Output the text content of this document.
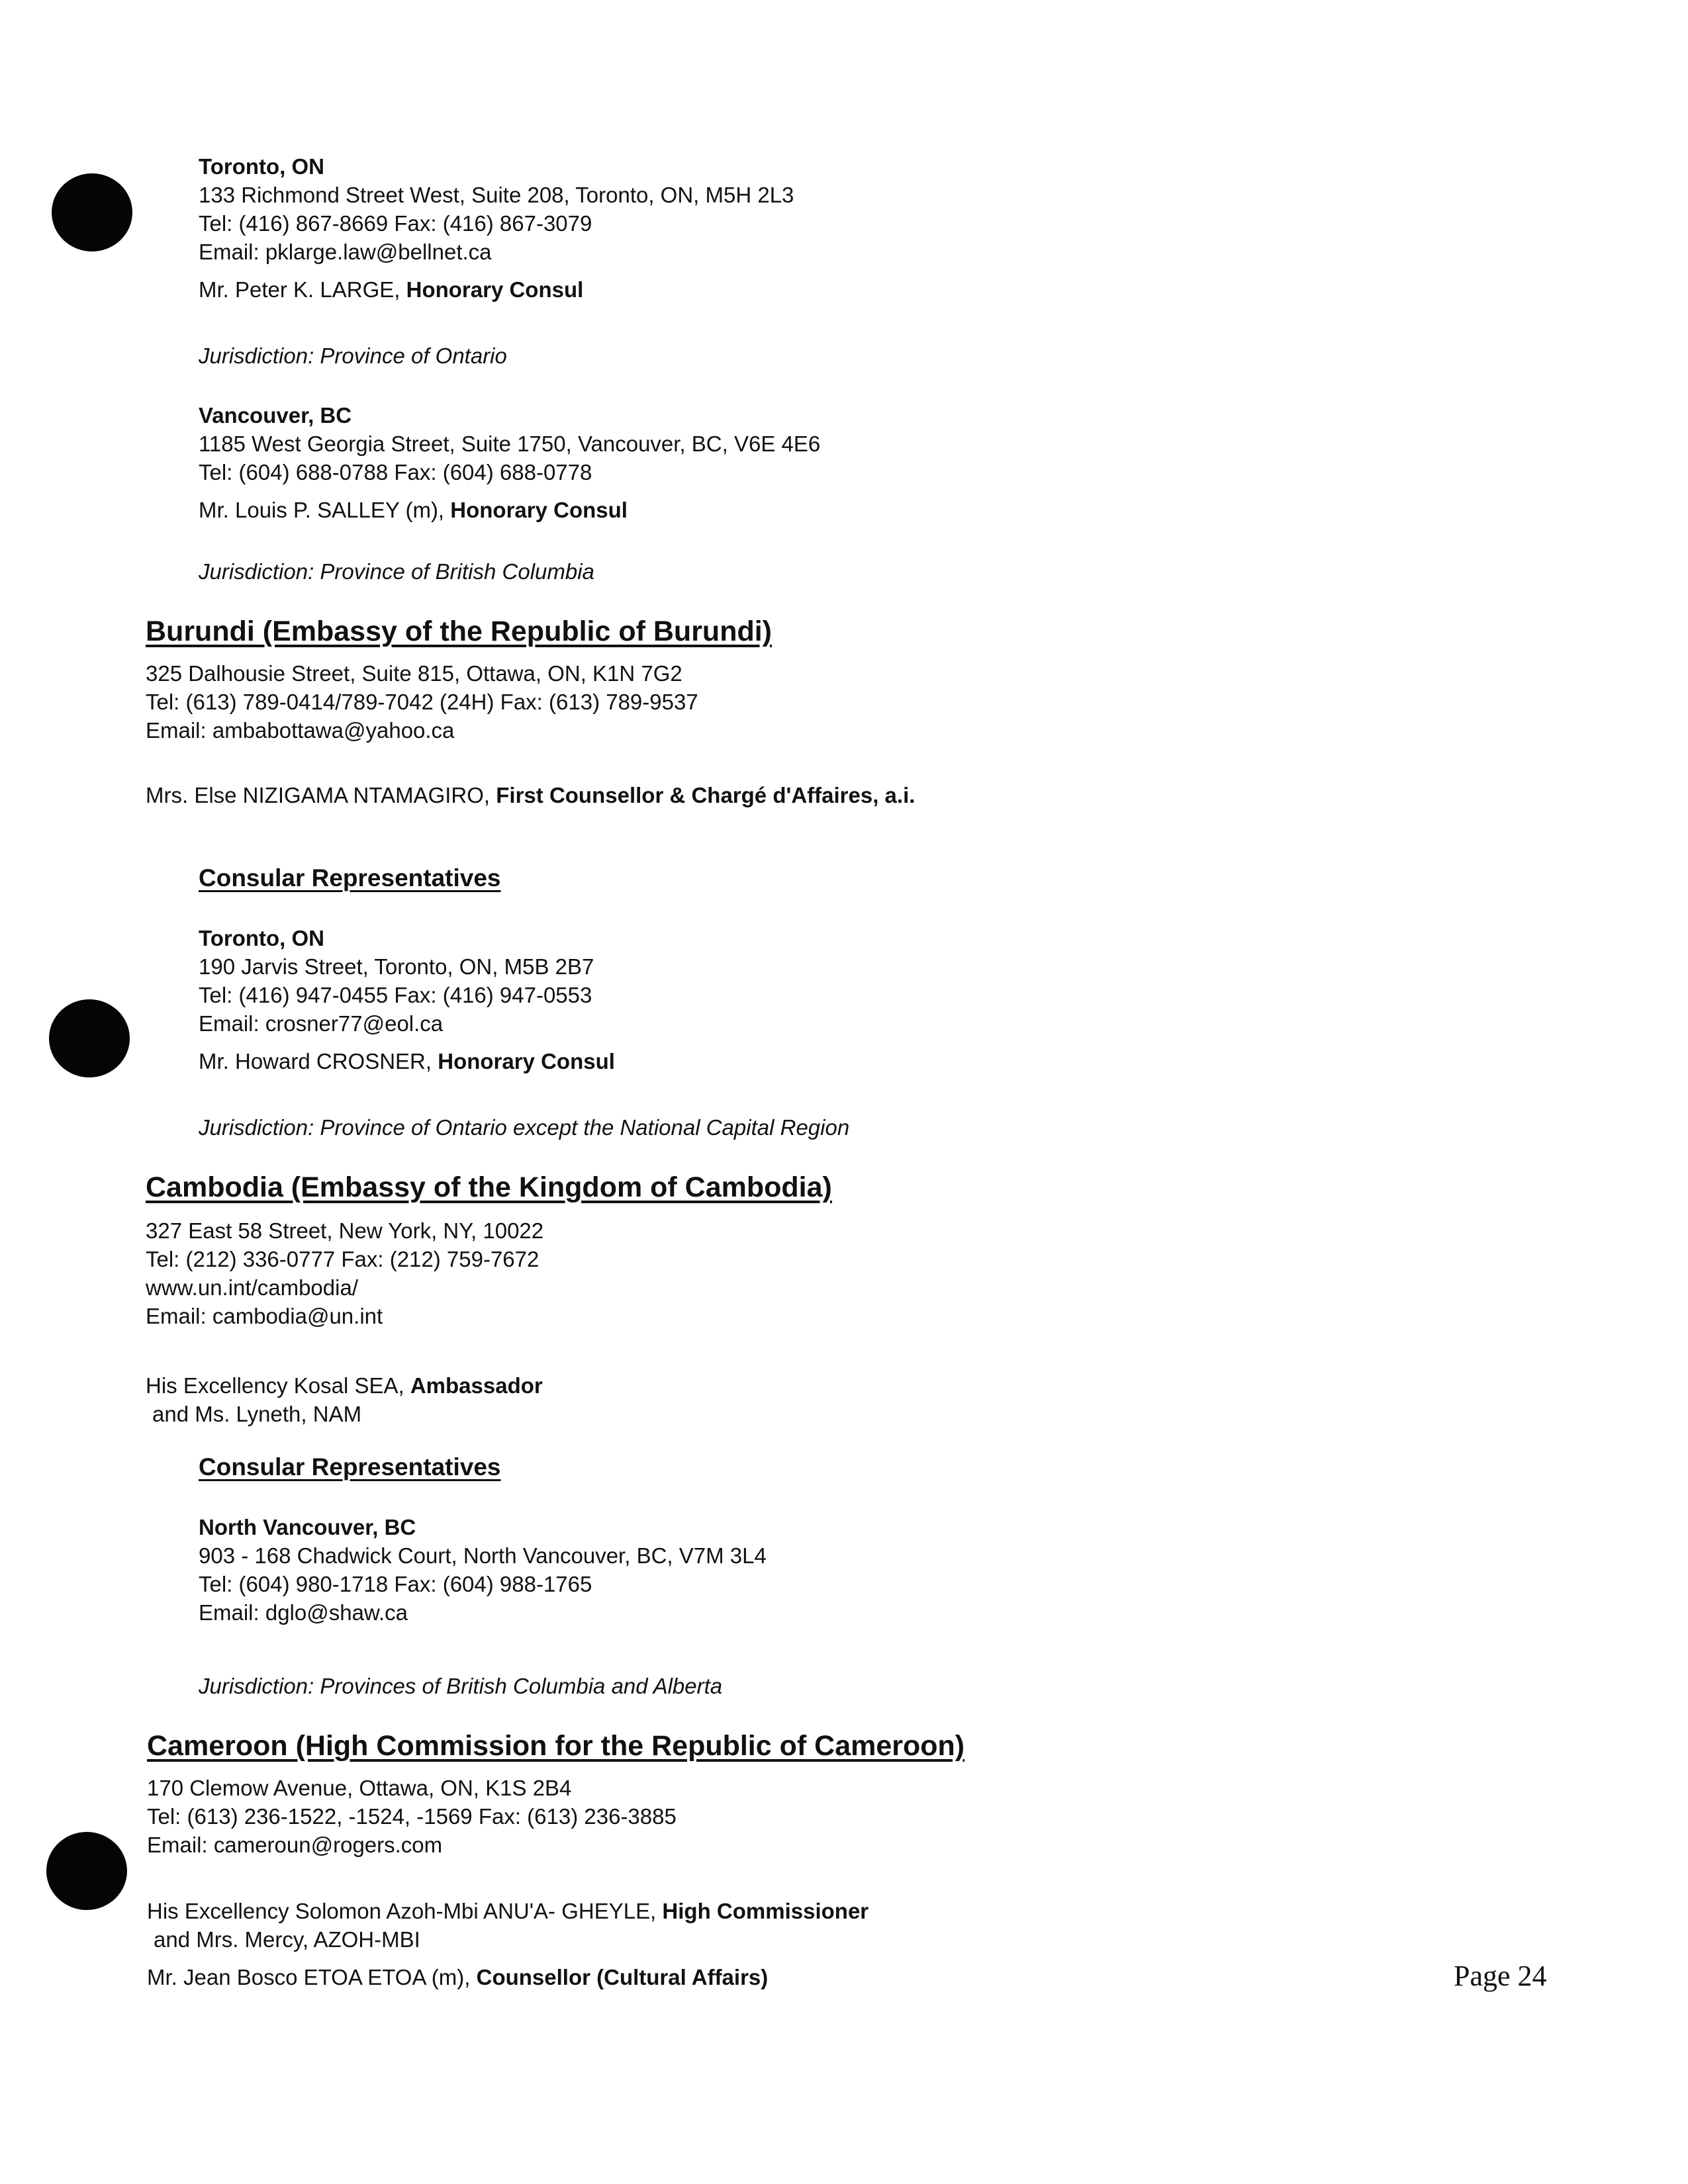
Toronto, ON

133 Richmond Street West, Suite 208, Toronto, ON, M5H 2L3

Tel: (416) 867-8669 Fax: (416) 867-3079

Email: pklarge.law@bellnet.ca

Mr. Peter K. LARGE, Honorary Consul

Jurisdiction: Province of Ontario

Vancouver, BC

1185 West Georgia Street, Suite 1750, Vancouver, BC, V6E 4E6

Tel: (604) 688-0788 Fax: (604) 688-0778

Mr. Louis P. SALLEY (m), Honorary Consul

Jurisdiction: Province of British Columbia
Burundi (Embassy of the Republic of Burundi)

325 Dalhousie Street, Suite 815, Ottawa, ON, K1N 7G2

Tel: (613) 789-0414/789-7042 (24H) Fax: (613) 789-9537

Email: ambabottawa@yahoo.ca

Mrs. Else NIZIGAMA NTAMAGIRO, First Counsellor & Chargé d'Affaires, a.i.
Consular Representatives

Toronto, ON

190 Jarvis Street, Toronto, ON, M5B 2B7

Tel: (416) 947-0455 Fax: (416) 947-0553

Email: crosner77@eol.ca

Mr. Howard CROSNER, Honorary Consul

Jurisdiction: Province of Ontario except the National Capital Region
Cambodia (Embassy of the Kingdom of Cambodia)

327 East 58 Street, New York, NY, 10022

Tel: (212) 336-0777 Fax: (212) 759-7672

www.un.int/cambodia/

Email: cambodia@un.int

His Excellency Kosal SEA, Ambassador

and Ms. Lyneth, NAM

Consular Representatives

North Vancouver, BC

903 - 168 Chadwick Court, North Vancouver, BC, V7M 3L4

Tel: (604) 980-1718 Fax: (604) 988-1765

Email: dglo@shaw.ca

Jurisdiction: Provinces of British Columbia and Alberta
Cameroon (High Commission for the Republic of Cameroon)

170 Clemow Avenue, Ottawa, ON, K1S 2B4

Tel: (613) 236-1522, -1524, -1569 Fax: (613) 236-3885

Email: cameroun@rogers.com

His Excellency Solomon Azoh-Mbi ANU'A- GHEYLE, High Commissioner

and Mrs. Mercy, AZOH-MBI

Mr. Jean Bosco ETOA ETOA (m), Counsellor (Cultural Affairs)	Page 24
